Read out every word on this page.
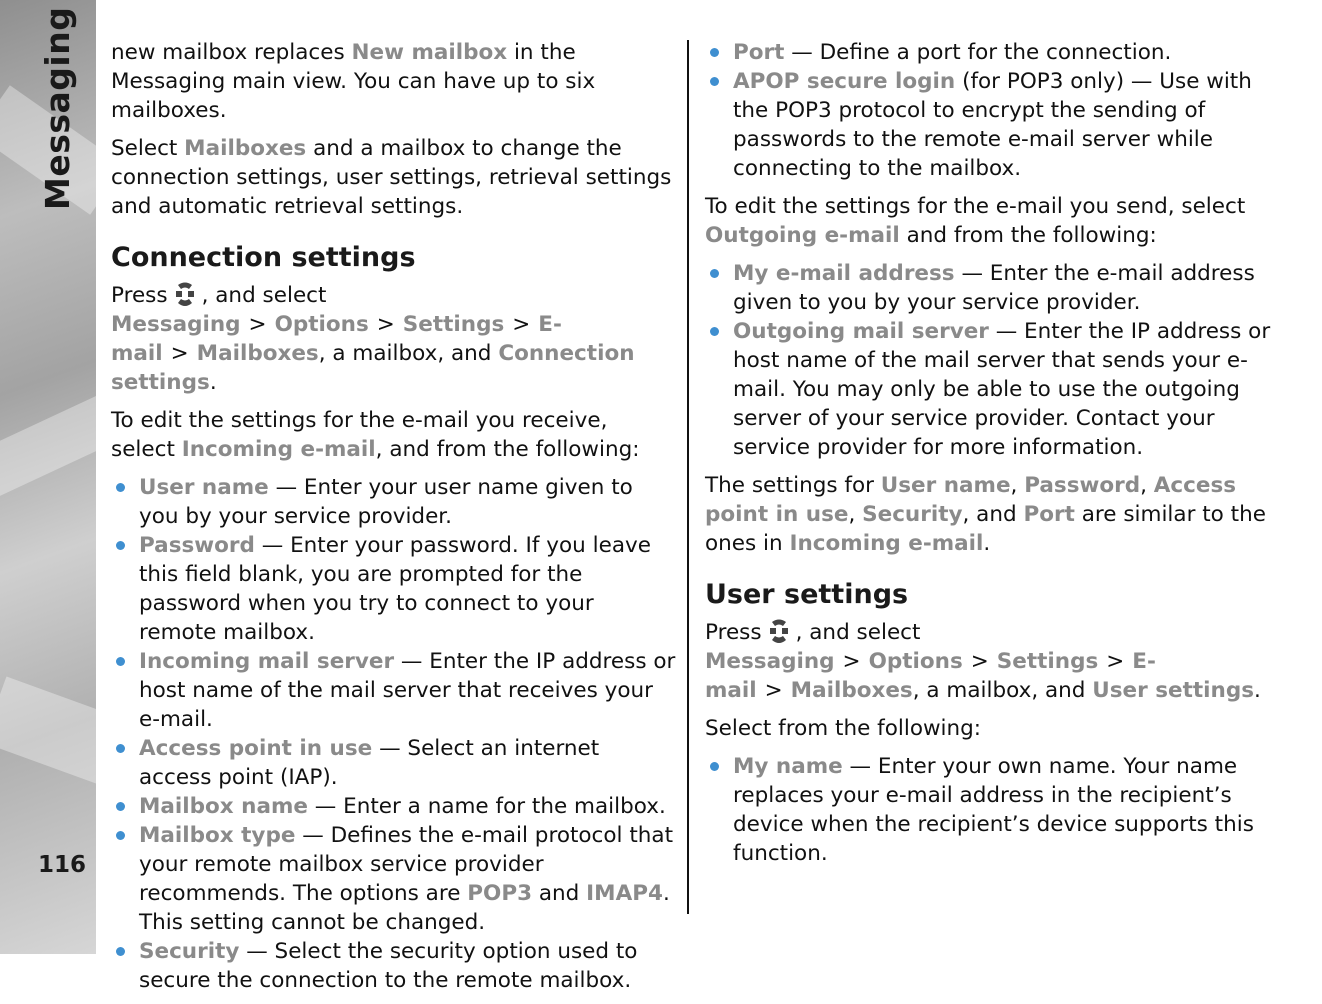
116

new mailbox replaces New mailbox in the Messaging main view. You can have up to six mailboxes.

Select Mailboxes and a mailbox to change the connection settings, user settings, retrieval settings and automatic retrieval settings.

Connection settings

Press , and select Messaging > Options > Settings > E-mail > Mailboxes, a mailbox, and Connection settings.

To edit the settings for the e-mail you receive, select Incoming e-mail, and from the following:

User name — Enter your user name given to you by your service provider.
Password — Enter your password. If you leave this field blank, you are prompted for the password when you try to connect to your remote mailbox.
Incoming mail server — Enter the IP address or host name of the mail server that receives your e-mail.
Access point in use — Select an internet access point (IAP).
Mailbox name — Enter a name for the mailbox.
Mailbox type — Defines the e-mail protocol that your remote mailbox service provider recommends. The options are POP3 and IMAP4. This setting cannot be changed.
Security — Select the security option used to secure the connection to the remote mailbox.
Port — Define a port for the connection.
APOP secure login (for POP3 only) — Use with the POP3 protocol to encrypt the sending of passwords to the remote e-mail server while connecting to the mailbox.

To edit the settings for the e-mail you send, select Outgoing e-mail and from the following:

My e-mail address — Enter the e-mail address given to you by your service provider.
Outgoing mail server — Enter the IP address or host name of the mail server that sends your e-mail. You may only be able to use the outgoing server of your service provider. Contact your service provider for more information.

The settings for User name, Password, Access point in use, Security, and Port are similar to the ones in Incoming e-mail.

User settings

Press , and select Messaging > Options > Settings > E-mail > Mailboxes, a mailbox, and User settings.

Select from the following:

My name — Enter your own name. Your name replaces your e-mail address in the recipient’s device when the recipient’s device supports this function.
